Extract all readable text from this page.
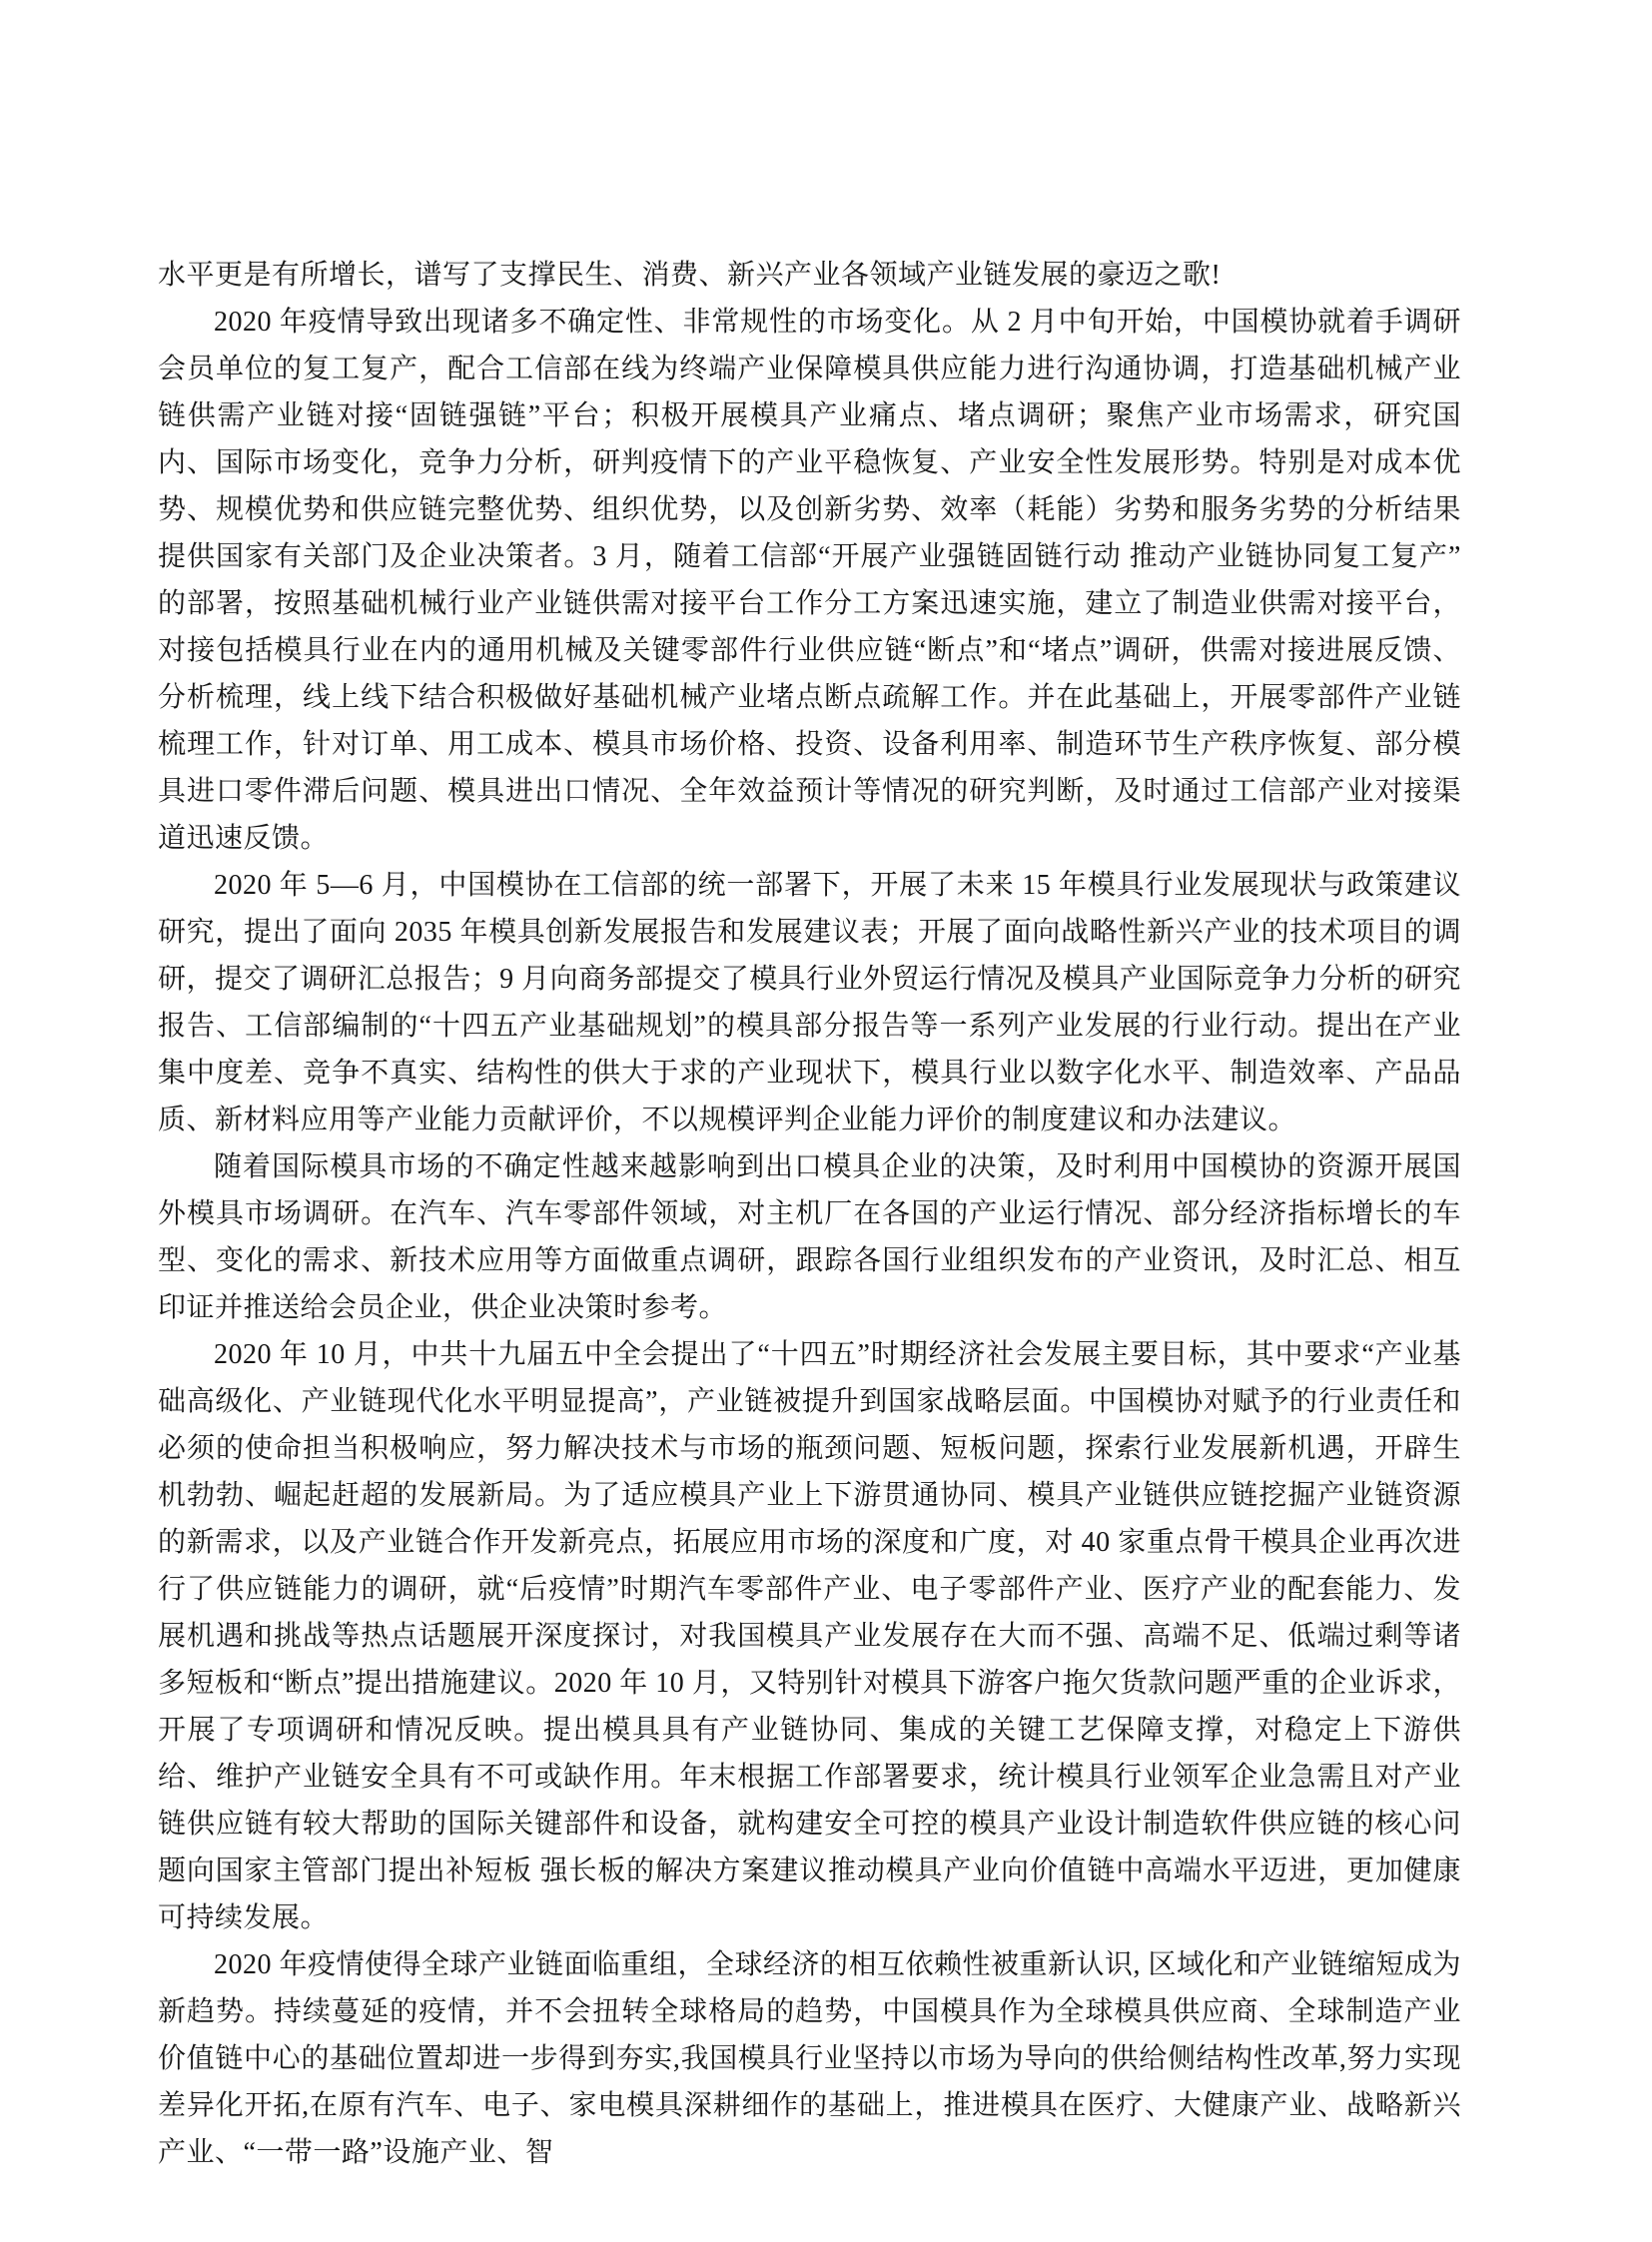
水平更是有所增长，谱写了支撑民生、消费、新兴产业各领域产业链发展的豪迈之歌!

2020 年疫情导致出现诸多不确定性、非常规性的市场变化。从 2 月中旬开始，中国模协就着手调研会员单位的复工复产，配合工信部在线为终端产业保障模具供应能力进行沟通协调，打造基础机械产业链供需产业链对接“固链强链”平台；积极开展模具产业痛点、堵点调研；聚焦产业市场需求，研究国内、国际市场变化，竞争力分析，研判疫情下的产业平稳恢复、产业安全性发展形势。特别是对成本优势、规模优势和供应链完整优势、组织优势，以及创新劣势、效率（耗能）劣势和服务劣势的分析结果提供国家有关部门及企业决策者。3 月，随着工信部“开展产业强链固链行动 推动产业链协同复工复产”的部署，按照基础机械行业产业链供需对接平台工作分工方案迅速实施，建立了制造业供需对接平台，对接包括模具行业在内的通用机械及关键零部件行业供应链“断点”和“堵点”调研，供需对接进展反馈、分析梳理，线上线下结合积极做好基础机械产业堵点断点疏解工作。并在此基础上，开展零部件产业链梳理工作，针对订单、用工成本、模具市场价格、投资、设备利用率、制造环节生产秩序恢复、部分模具进口零件滞后问题、模具进出口情况、全年效益预计等情况的研究判断，及时通过工信部产业对接渠道迅速反馈。

2020 年 5—6 月，中国模协在工信部的统一部署下，开展了未来 15 年模具行业发展现状与政策建议研究，提出了面向 2035 年模具创新发展报告和发展建议表；开展了面向战略性新兴产业的技术项目的调研，提交了调研汇总报告；9 月向商务部提交了模具行业外贸运行情况及模具产业国际竞争力分析的研究报告、工信部编制的“十四五产业基础规划”的模具部分报告等一系列产业发展的行业行动。提出在产业集中度差、竞争不真实、结构性的供大于求的产业现状下，模具行业以数字化水平、制造效率、产品品质、新材料应用等产业能力贡献评价，不以规模评判企业能力评价的制度建议和办法建议。

随着国际模具市场的不确定性越来越影响到出口模具企业的决策，及时利用中国模协的资源开展国外模具市场调研。在汽车、汽车零部件领域，对主机厂在各国的产业运行情况、部分经济指标增长的车型、变化的需求、新技术应用等方面做重点调研，跟踪各国行业组织发布的产业资讯，及时汇总、相互印证并推送给会员企业，供企业决策时参考。

2020 年 10 月，中共十九届五中全会提出了“十四五”时期经济社会发展主要目标，其中要求“产业基础高级化、产业链现代化水平明显提高”，产业链被提升到国家战略层面。中国模协对赋予的行业责任和必须的使命担当积极响应，努力解决技术与市场的瓶颈问题、短板问题，探索行业发展新机遇，开辟生机勃勃、崛起赶超的发展新局。为了适应模具产业上下游贯通协同、模具产业链供应链挖掘产业链资源的新需求，以及产业链合作开发新亮点，拓展应用市场的深度和广度，对 40 家重点骨干模具企业再次进行了供应链能力的调研，就“后疫情”时期汽车零部件产业、电子零部件产业、医疗产业的配套能力、发展机遇和挑战等热点话题展开深度探讨，对我国模具产业发展存在大而不强、高端不足、低端过剩等诸多短板和“断点”提出措施建议。2020 年 10 月，又特别针对模具下游客户拖欠货款问题严重的企业诉求，开展了专项调研和情况反映。提出模具具有产业链协同、集成的关键工艺保障支撑，对稳定上下游供给、维护产业链安全具有不可或缺作用。年末根据工作部署要求，统计模具行业领军企业急需且对产业链供应链有较大帮助的国际关键部件和设备，就构建安全可控的模具产业设计制造软件供应链的核心问题向国家主管部门提出补短板 强长板的解决方案建议推动模具产业向价值链中高端水平迈进，更加健康可持续发展。

2020 年疫情使得全球产业链面临重组，全球经济的相互依赖性被重新认识, 区域化和产业链缩短成为新趋势。持续蔓延的疫情，并不会扭转全球格局的趋势，中国模具作为全球模具供应商、全球制造产业价值链中心的基础位置却进一步得到夯实,我国模具行业坚持以市场为导向的供给侧结构性改革,努力实现差异化开拓,在原有汽车、电子、家电模具深耕细作的基础上，推进模具在医疗、大健康产业、战略新兴产业、“一带一路”设施产业、智
